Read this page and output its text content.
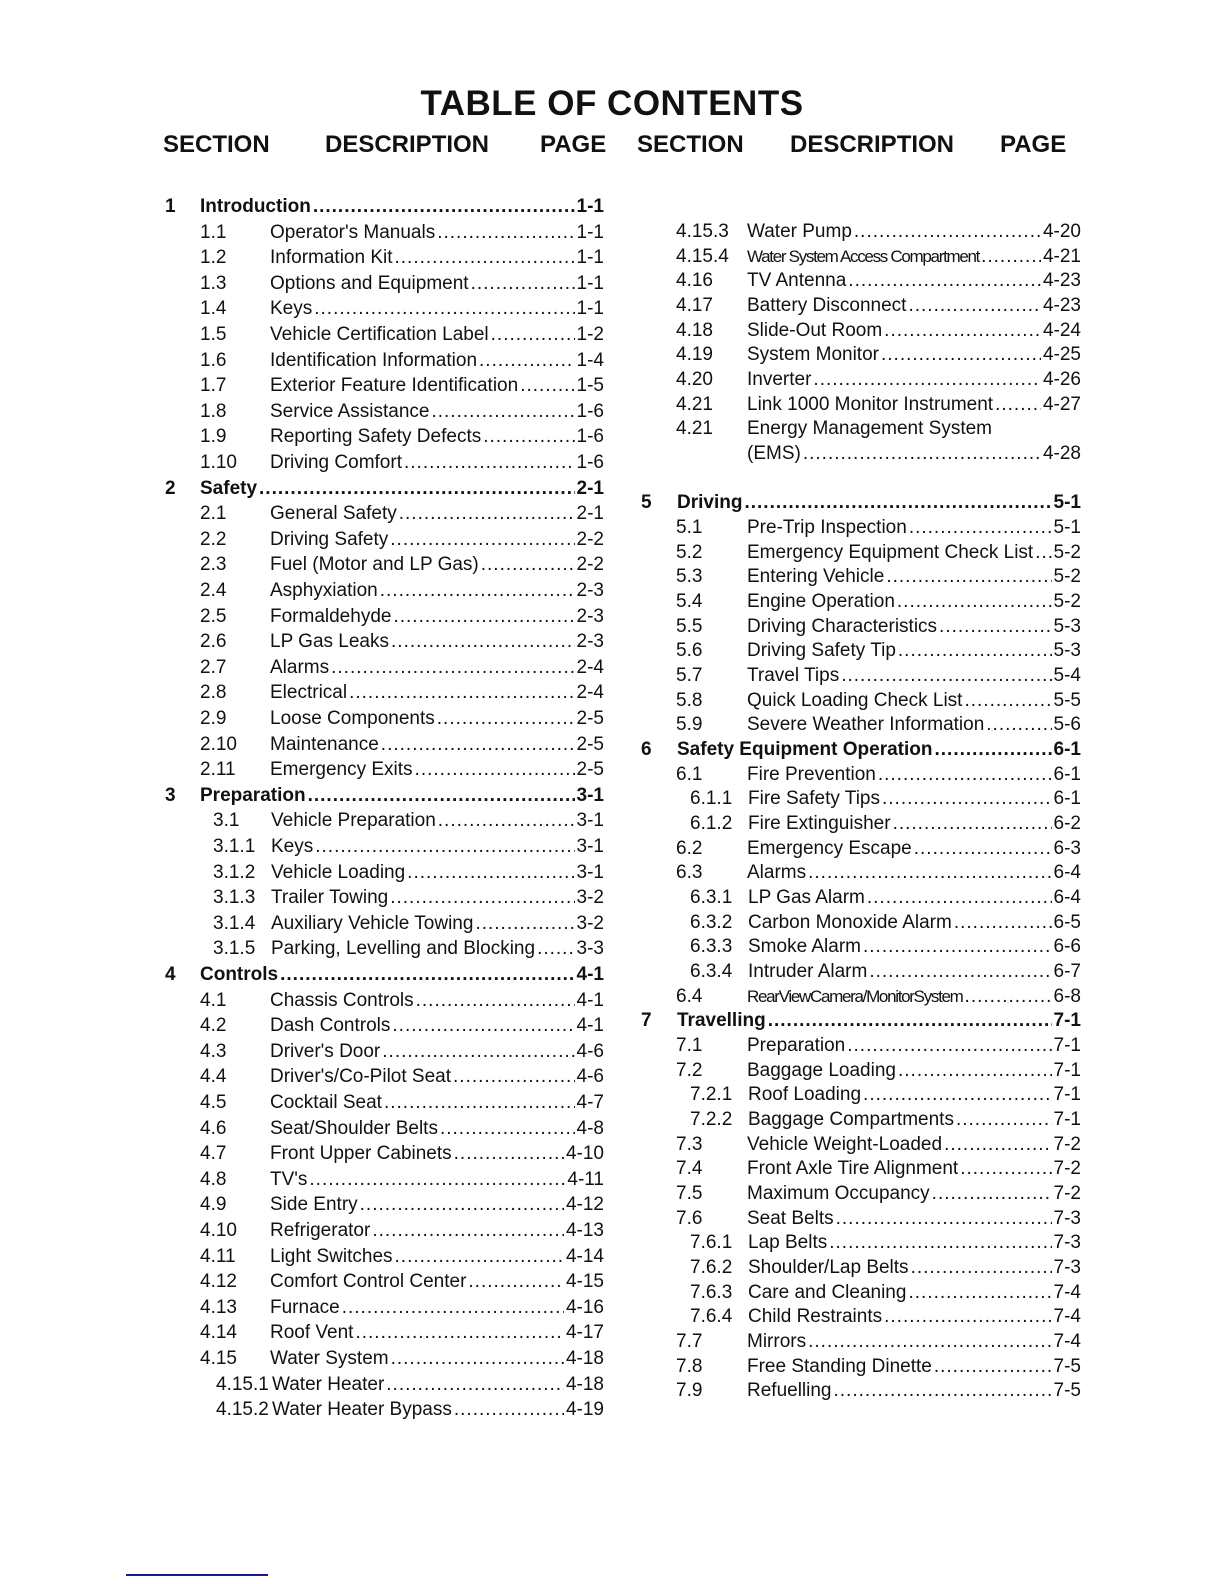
TABLE OF CONTENTS
SECTION DESCRIPTION PAGE SECTION DESCRIPTION PAGE
1 Introduction .....	1-1
1.1 Operator's Manuals .....	1-1
1.2 Information Kit .....	1-1
1.3 Options and Equipment .....	1-1
1.4 Keys .....	1-1
1.5 Vehicle Certification Label .....	1-2
1.6 Identification Information .....	1-4
1.7 Exterior Feature Identification .....	1-5
1.8 Service Assistance .....	1-6
1.9 Reporting Safety Defects .....	1-6
1.10 Driving Comfort .....	1-6
2 Safety .....	2-1
2.1 General Safety .....	2-1
2.2 Driving Safety .....	2-2
2.3 Fuel (Motor and LP Gas) .....	2-2
2.4 Asphyxiation .....	2-3
2.5 Formaldehyde .....	2-3
2.6 LP Gas Leaks .....	2-3
2.7 Alarms .....	2-4
2.8 Electrical .....	2-4
2.9 Loose Components .....	2-5
2.10 Maintenance .....	2-5
2.11 Emergency Exits .....	2-5
3 Preparation .....	3-1
3.1 Vehicle Preparation .....	3-1
3.1.1 Keys .....	3-1
3.1.2 Vehicle Loading .....	3-1
3.1.3 Trailer Towing .....	3-2
3.1.4 Auxiliary Vehicle Towing .....	3-2
3.1.5 Parking, Levelling and Blocking ..... 3-3
4 Controls .....	4-1
4.1 Chassis Controls .....	4-1
4.2 Dash Controls .....	4-1
4.3 Driver's Door .....	4-6
4.4 Driver's/Co-Pilot Seat .....	4-6
4.5 Cocktail Seat .....	4-7
4.6 Seat/Shoulder Belts .....	4-8
4.7 Front Upper Cabinets .....	4-10
4.8 TV's .....	4-11
4.9 Side Entry .....	4-12
4.10 Refrigerator .....	4-13
4.11 Light Switches .....	4-14
4.12 Comfort Control Center .....	4-15
4.13 Furnace .....	4-16
4.14 Roof Vent .....	4-17
4.15 Water System .....	4-18
4.15.1 Water Heater .....	4-18
4.15.2 Water Heater Bypass .....	4-19
4.15.3 Water Pump .....	4-20
4.15.4 Water System Access Compartment .....	4-21
4.16 TV Antenna .....	4-23
4.17 Battery Disconnect .....	4-23
4.18 Slide-Out Room .....	4-24
4.19 System Monitor .....	4-25
4.20 Inverter .....	4-26
4.21 Link 1000 Monitor Instrument .....	4-27
4.21 Energy Management System
(EMS) .....	4-28
5 Driving .....	5-1
5.1 Pre-Trip Inspection .....	5-1
5.2 Emergency Equipment Check List ..... 5-2
5.3 Entering Vehicle .....	5-2
5.4 Engine Operation .....	5-2
5.5 Driving Characteristics .....	5-3
5.6 Driving Safety Tip .....	5-3
5.7 Travel Tips .....	5-4
5.8 Quick Loading Check List .....	5-5
5.9 Severe Weather Information .....	5-6
6 Safety Equipment Operation .....	6-1
6.1 Fire Prevention .....	6-1
6.1.1 Fire Safety Tips .....	6-1
6.1.2 Fire Extinguisher .....	6-2
6.2 Emergency Escape .....	6-3
6.3 Alarms .....	6-4
6.3.1 LP Gas Alarm .....	6-4
6.3.2 Carbon Monoxide Alarm .....	6-5
6.3.3 Smoke Alarm .....	6-6
6.3.4 Intruder Alarm .....	6-7
6.4	RearViewCamera/MonitorSystem .....	6-8
7 Travelling .....	7-1
7.1 Preparation .....	7-1
7.2 Baggage Loading .....	7-1
7.2.1 Roof Loading .....	7-1
7.2.2 Baggage Compartments .....	7-1
7.3 Vehicle Weight-Loaded .....	7-2
7.4 Front Axle Tire Alignment .....	7-2
7.5 Maximum Occupancy .....	7-2
7.6 Seat Belts .....	7-3
7.6.1 Lap Belts .....	7-3
7.6.2 Shoulder/Lap Belts .....	7-3
7.6.3 Care and Cleaning .....	7-4
7.6.4 Child Restraints .....	7-4
7.7 Mirrors .....	7-4
7.8 Free Standing Dinette .....	7-5
7.9 Refuelling .....	7-5
